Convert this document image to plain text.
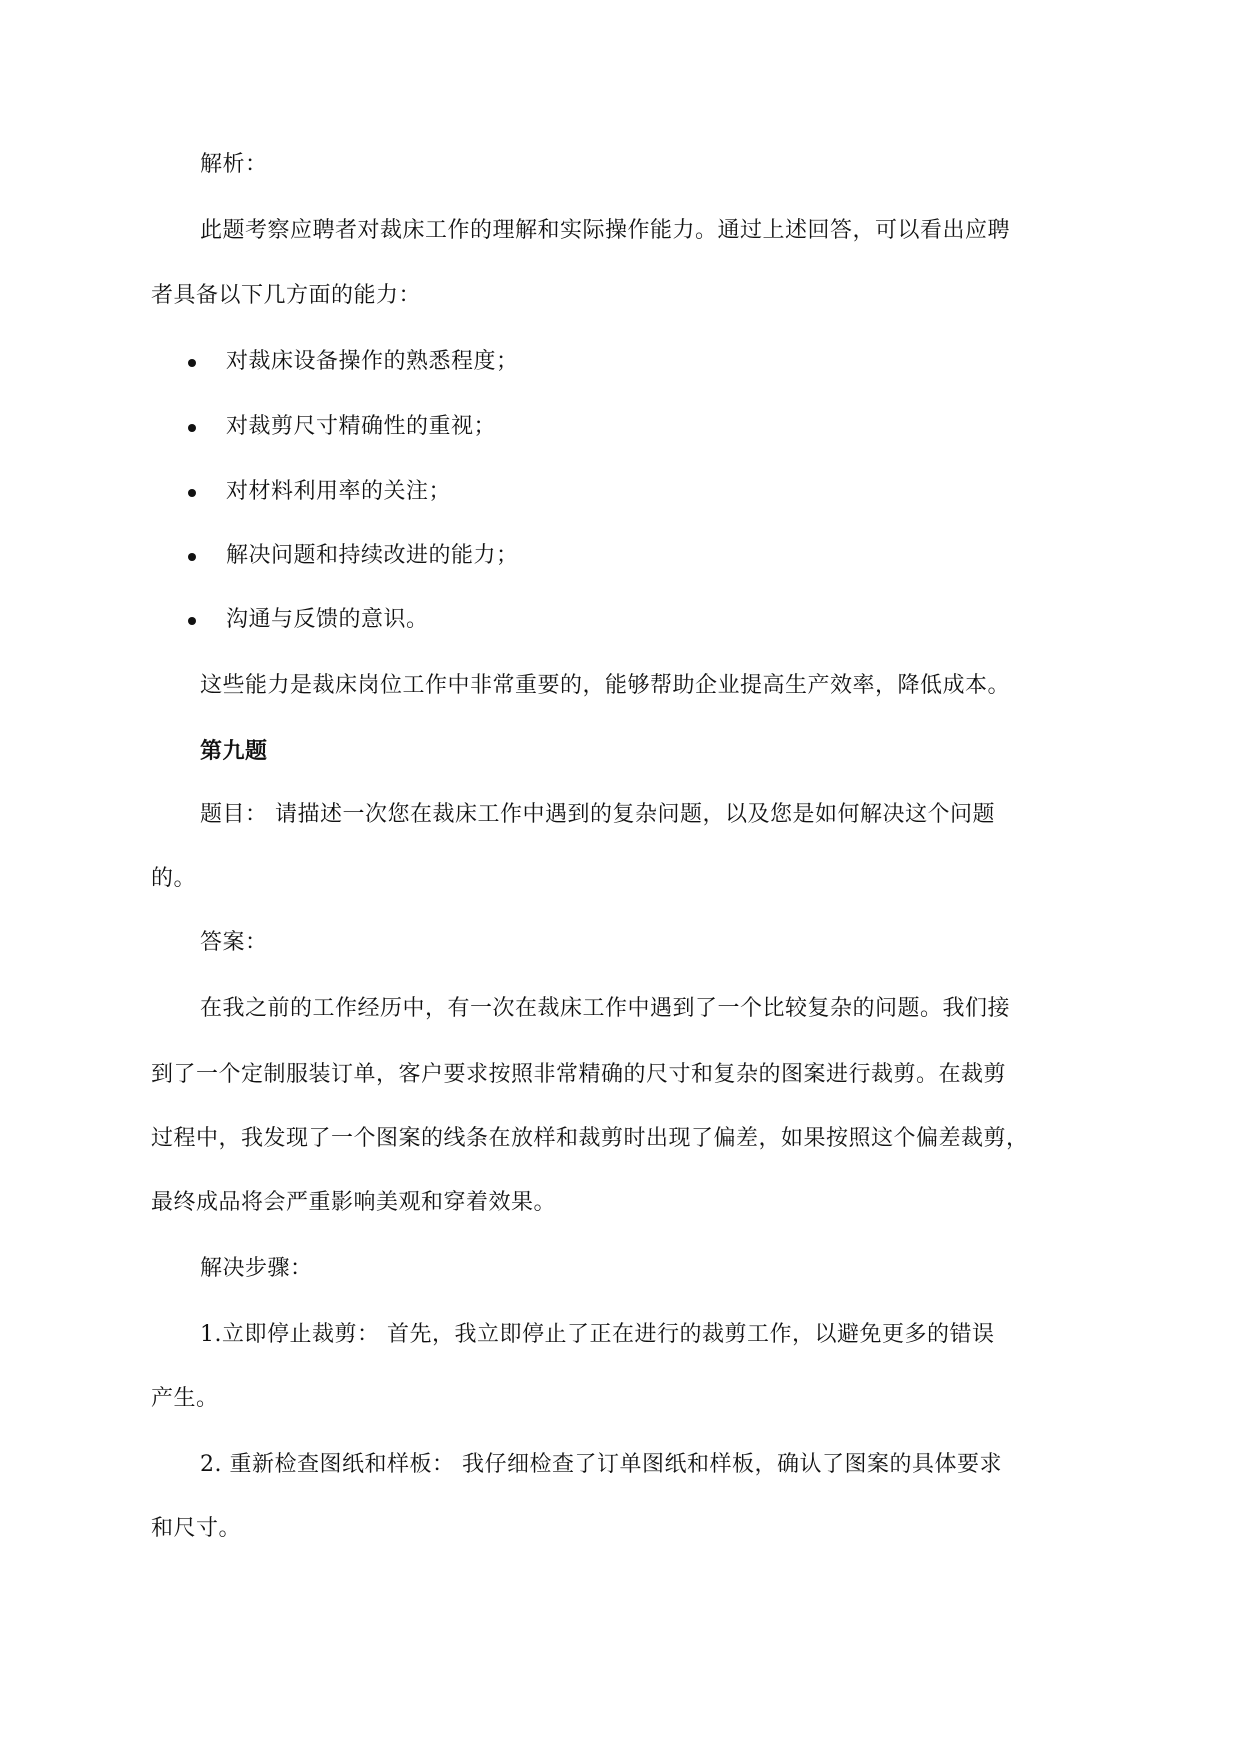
解析：
此题考察应聘者对裁床工作的理解和实际操作能力。通过上述回答，可以看出应聘
者具备以下几方面的能力：
对裁床设备操作的熟悉程度；
对裁剪尺寸精确性的重视；
对材料利用率的关注；
解决问题和持续改进的能力；
沟通与反馈的意识。
这些能力是裁床岗位工作中非常重要的，能够帮助企业提高生产效率，降低成本。
第九题
题目： 请描述一次您在裁床工作中遇到的复杂问题，以及您是如何解决这个问题
的。
答案：
在我之前的工作经历中，有一次在裁床工作中遇到了一个比较复杂的问题。我们接
到了一个定制服装订单，客户要求按照非常精确的尺寸和复杂的图案进行裁剪。在裁剪
过程中，我发现了一个图案的线条在放样和裁剪时出现了偏差，如果按照这个偏差裁剪，
最终成品将会严重影响美观和穿着效果。
解决步骤：
1.立即停止裁剪： 首先，我立即停止了正在进行的裁剪工作，以避免更多的错误
产生。
2. 重新检查图纸和样板： 我仔细检查了订单图纸和样板，确认了图案的具体要求
和尺寸。
